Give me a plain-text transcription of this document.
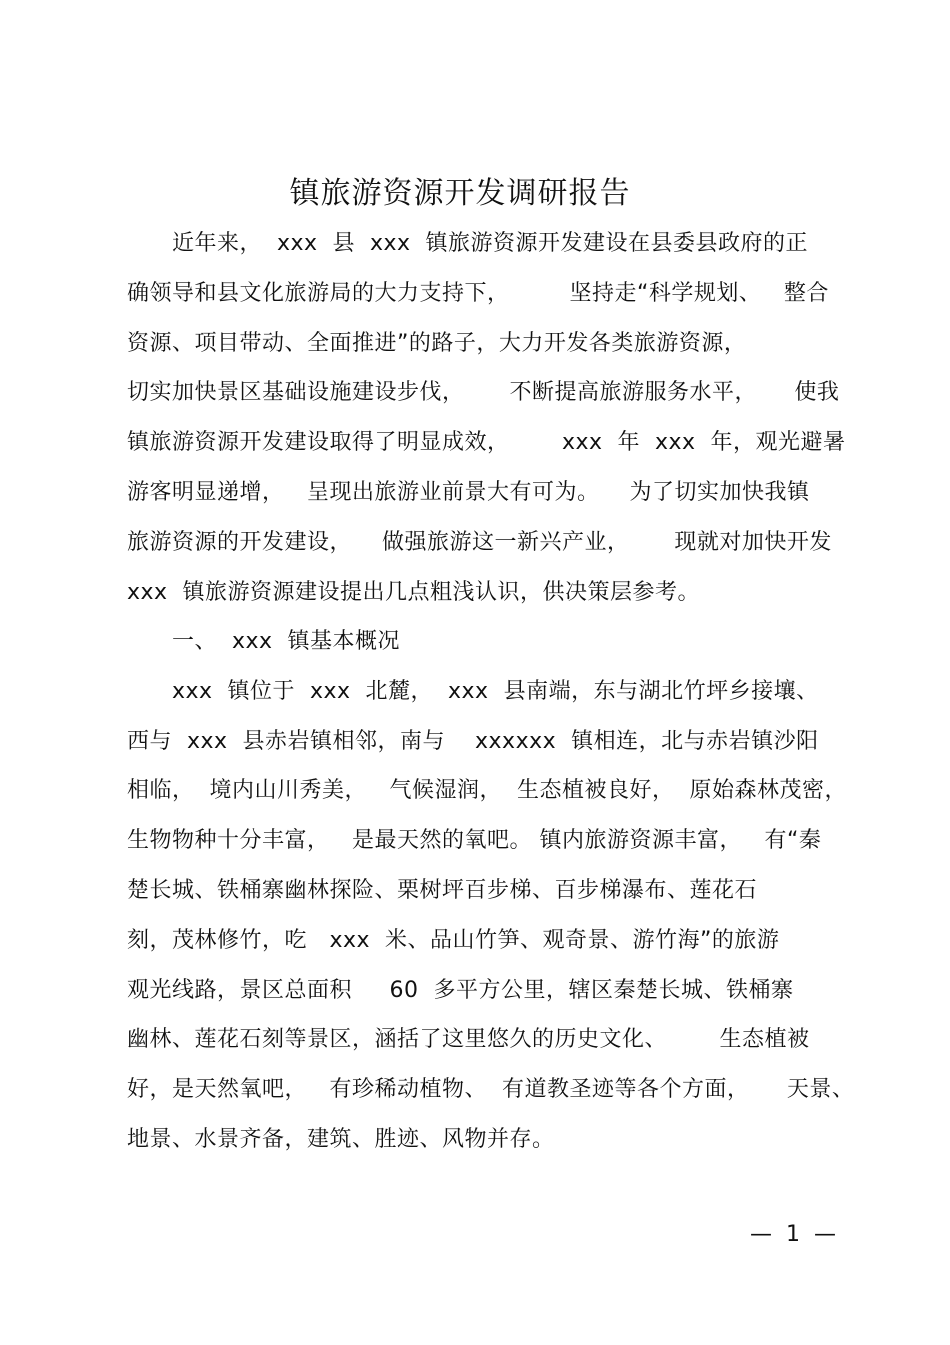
镇旅游资源开发调研报告
近年来，  xxx  县  xxx  镇旅游资源开发建设在县委县政府的正
确领导和县文化旅游局的大力支持下，        坚持走“科学规划、   整合
资源、项目带动、全面推进”的路子，大力开发各类旅游资源，
切实加快景区基础设施建设步伐，      不断提高旅游服务水平，     使我
镇旅游资源开发建设取得了明显成效，       xxx  年  xxx  年，观光避暑
游客明显递增，   呈现出旅游业前景大有可为。    为了切实加快我镇
旅游资源的开发建设，    做强旅游这一新兴产业，      现就对加快开发
xxx  镇旅游资源建设提出几点粗浅认识，供决策层参考。
一、  xxx  镇基本概况
xxx  镇位于  xxx  北麓，  xxx  县南端，东与湖北竹坪乡接壤、
西与  xxx  县赤岩镇相邻，南与    xxxxxx  镇相连，北与赤岩镇沙阳
相临，  境内山川秀美，   气候湿润，  生态植被良好，  原始森林茂密，
生物物种十分丰富，   是最天然的氧吧。 镇内旅游资源丰富，   有“秦
楚长城、铁桶寨幽林探险、栗树坪百步梯、百步梯瀑布、莲花石
刻，茂林修竹，吃   xxx  米、品山竹笋、观奇景、游竹海”的旅游
观光线路，景区总面积     60  多平方公里，辖区秦楚长城、铁桶寨
幽林、莲花石刻等景区，涵括了这里悠久的历史文化、       生态植被
好，是天然氧吧，   有珍稀动植物、  有道教圣迹等各个方面，     天景、
地景、水景齐备，建筑、胜迹、风物并存。
—  1  —
